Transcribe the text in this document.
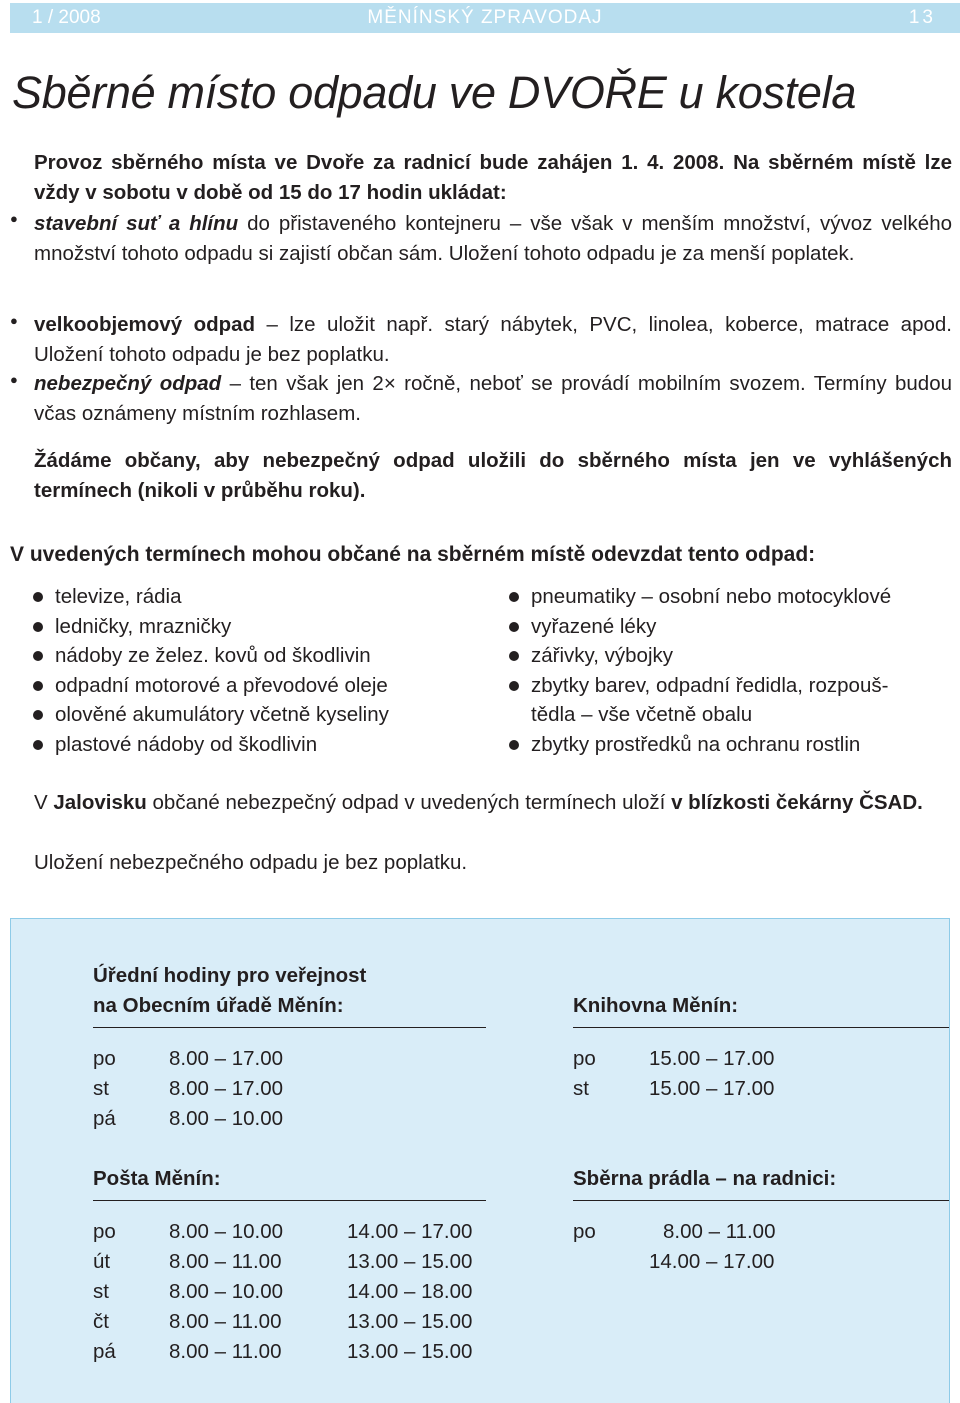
1 / 2008	MĚNÍNSKÝ ZPRAVODAJ	13
Sběrné místo odpadu ve DVOŘE u kostela
Provoz sběrného místa ve Dvoře za radnicí bude zahájen 1. 4. 2008. Na sběrném místě lze vždy v sobotu v době od 15 do 17 hodin ukládat:
● stavební suť a hlínu do přistaveného kontejneru – vše však v menším množství, vývoz velkého množství tohoto odpadu si zajistí občan sám. Uložení tohoto odpadu je za menší poplatek.
● velkoobjemový odpad – lze uložit např. starý nábytek, PVC, linolea, koberce, matrace apod. Uložení tohoto odpadu je bez poplatku.
● nebezpečný odpad – ten však jen 2× ročně, neboť se provádí mobilním svozem. Termíny budou včas oznámeny místním rozhlasem.
Žádáme občany, aby nebezpečný odpad uložili do sběrného místa jen ve vyhlášených termínech (nikoli v průběhu roku).
V uvedených termínech mohou občané na sběrném místě odevzdat tento odpad:
televize, rádia
ledničky, mrazničky
nádoby ze želez. kovů od škodlivin
odpadní motorové a převodové oleje
olověné akumulátory včetně kyseliny
plastové nádoby od škodlivin
pneumatiky – osobní nebo motocyklové
vyřazené léky
zářivky, výbojky
zbytky barev, odpadní ředidla, rozpouš-
tědla – vše včetně obalu
zbytky prostředků na ochranu rostlin
V Jalovisku občané nebezpečný odpad v uvedených termínech uloží v blízkosti čekárny ČSAD.
Uložení nebezpečného odpadu je bez poplatku.
Úřední hodiny pro veřejnost
na Obecním úřadě Měnín:
po	8.00 – 17.00
st	8.00 – 17.00
pá	8.00 – 10.00
Knihovna Měnín:
po	15.00 – 17.00
st	15.00 – 17.00
Pošta Měnín:
po	8.00 – 10.00	14.00 – 17.00
út	8.00 – 11.00	13.00 – 15.00
st	8.00 – 10.00	14.00 – 18.00
čt	8.00 – 11.00	13.00 – 15.00
pá	8.00 – 11.00	13.00 – 15.00
Sběrna prádla – na radnici:
po	8.00 – 11.00
14.00 – 17.00
